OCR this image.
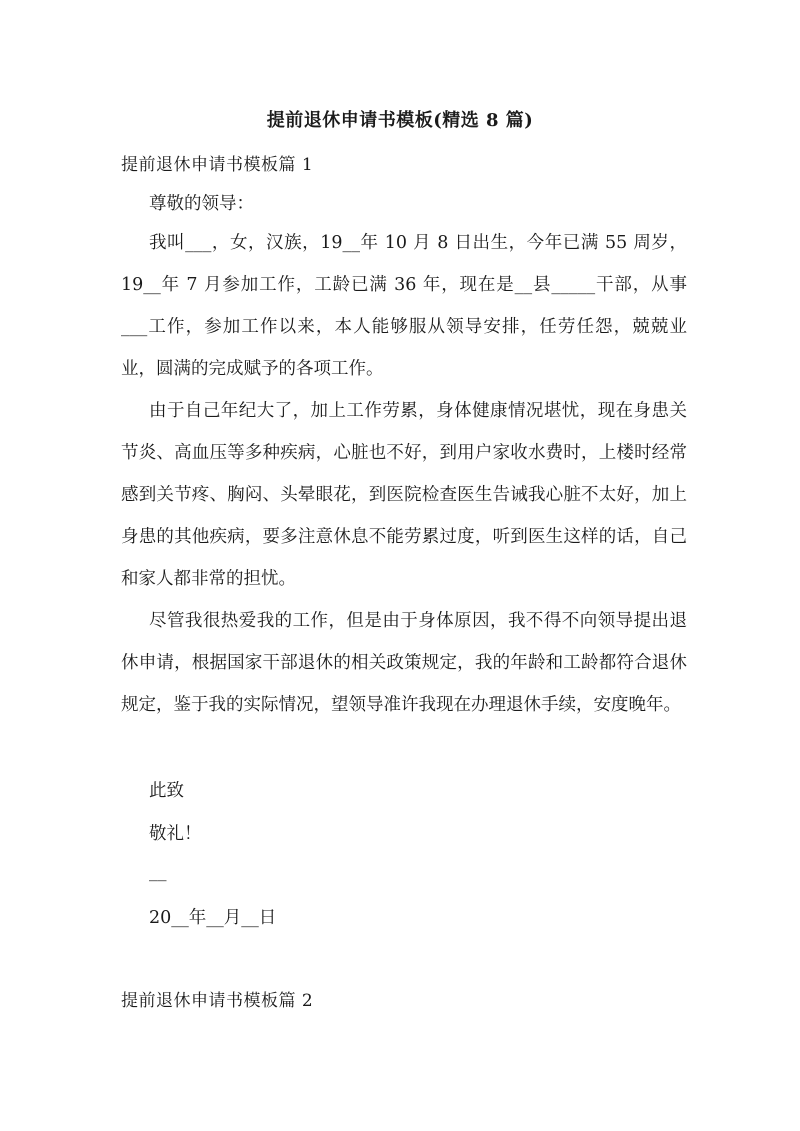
提前退休申请书模板(精选 8 篇)
提前退休申请书模板篇 1
尊敬的领导：
我叫___，女，汉族，19__年 10 月 8 日出生，今年已满 55 周岁，19__年 7 月参加工作，工龄已满 36 年，现在是__县_____干部，从事___工作，参加工作以来，本人能够服从领导安排，任劳任怨，兢兢业业，圆满的完成赋予的各项工作。
由于自己年纪大了，加上工作劳累，身体健康情况堪忧，现在身患关节炎、高血压等多种疾病，心脏也不好，到用户家收水费时，上楼时经常感到关节疼、胸闷、头晕眼花，到医院检查医生告诫我心脏不太好，加上身患的其他疾病，要多注意休息不能劳累过度，听到医生这样的话，自己和家人都非常的担忧。
尽管我很热爱我的工作，但是由于身体原因，我不得不向领导提出退休申请，根据国家干部退休的相关政策规定，我的年龄和工龄都符合退休规定，鉴于我的实际情况，望领导准许我现在办理退休手续，安度晚年。
此致
敬礼！
__
20__年__月__日
提前退休申请书模板篇 2
